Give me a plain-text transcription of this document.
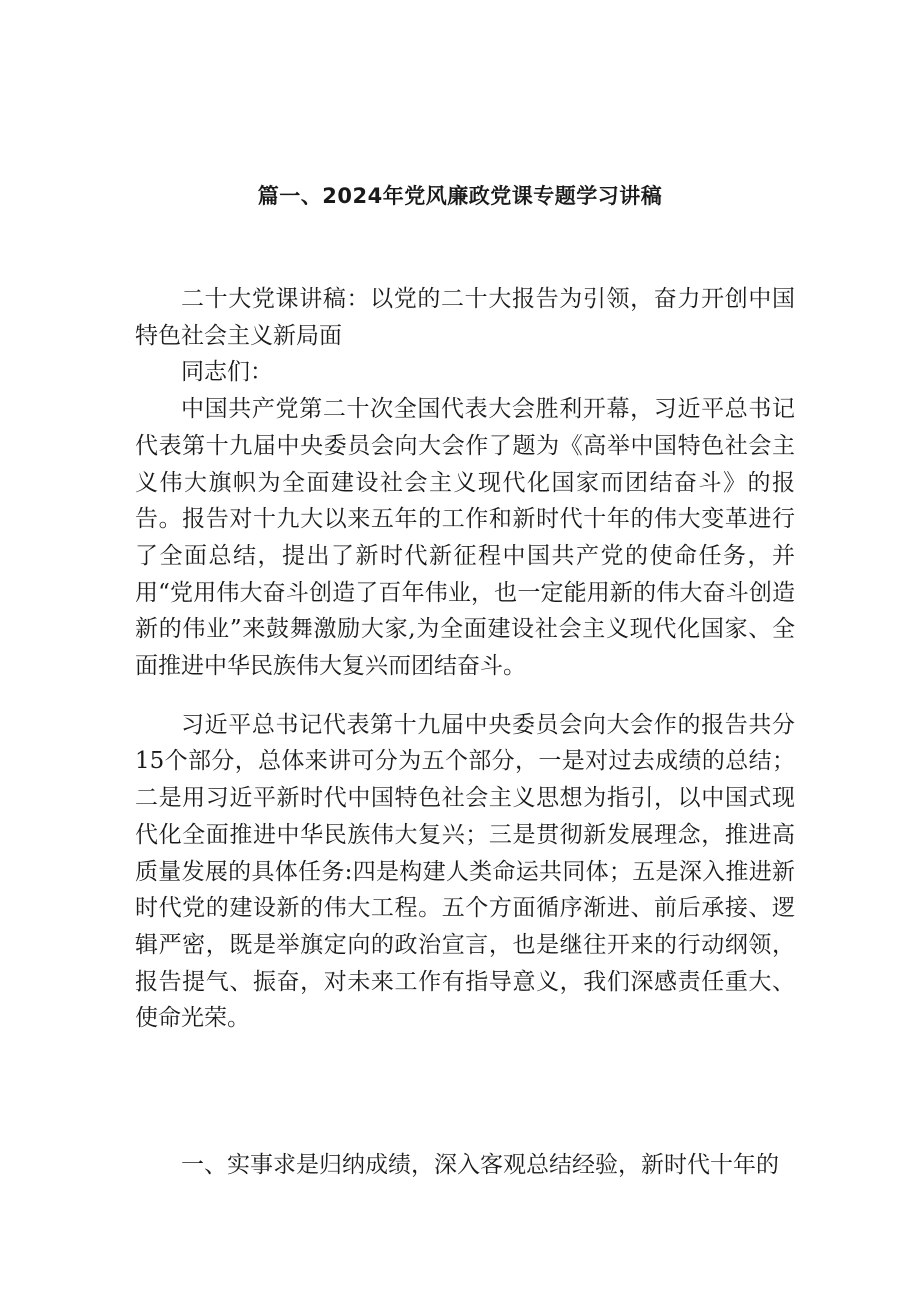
篇一、2024年党风廉政党课专题学习讲稿

二十大党课讲稿：以党的二十大报告为引领，奋力开创中国特色社会主义新局面

同志们：

中国共产党第二十次全国代表大会胜利开幕，习近平总书记代表第十九届中央委员会向大会作了题为《高举中国特色社会主义伟大旗帜为全面建设社会主义现代化国家而团结奋斗》的报告。报告对十九大以来五年的工作和新时代十年的伟大变革进行了全面总结，提出了新时代新征程中国共产党的使命任务，并用“党用伟大奋斗创造了百年伟业，也一定能用新的伟大奋斗创造新的伟业”来鼓舞激励大家,为全面建设社会主义现代化国家、全面推进中华民族伟大复兴而团结奋斗。

习近平总书记代表第十九届中央委员会向大会作的报告共分15个部分，总体来讲可分为五个部分，一是对过去成绩的总结；二是用习近平新时代中国特色社会主义思想为指引，以中国式现代化全面推进中华民族伟大复兴；三是贯彻新发展理念，推进高质量发展的具体任务:四是构建人类命运共同体；五是深入推进新时代党的建设新的伟大工程。五个方面循序渐进、前后承接、逻辑严密，既是举旗定向的政治宣言，也是继往开来的行动纲领，报告提气、振奋，对未来工作有指导意义，我们深感责任重大、使命光荣。

一、实事求是归纳成绩，深入客观总结经验，新时代十年的
